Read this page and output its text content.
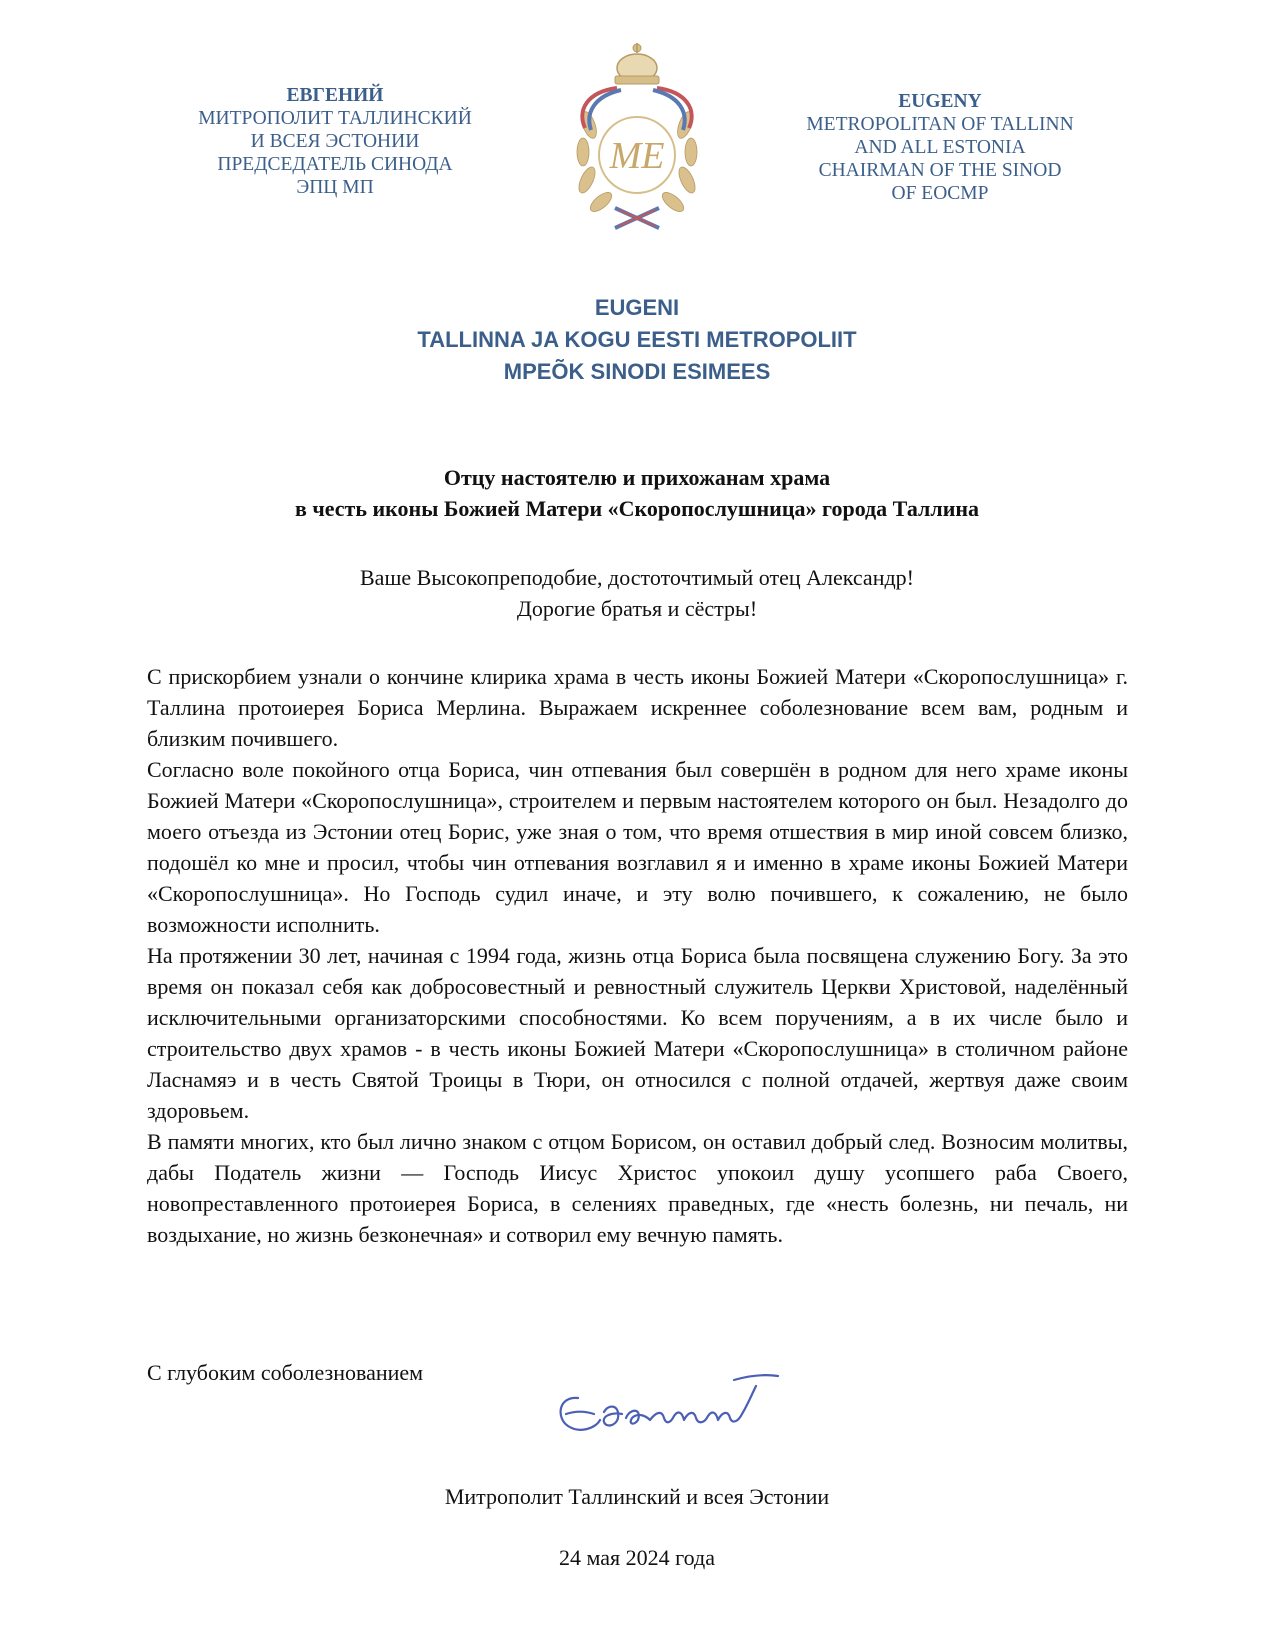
ЕВГЕНИЙ
МИТРОПОЛИТ ТАЛЛИНСКИЙ
И ВСЕЯ ЭСТОНИИ
ПРЕДСЕДАТЕЛЬ СИНОДА
ЭПЦ МП
ME
EUGENY
METROPOLITAN OF TALLINN
AND ALL ESTONIA
CHAIRMAN OF THE SINOD
OF EOCMP
EUGENI
TALLINNA JA KOGU EESTI METROPOLIIT
MPEÕK SINODI ESIMEES
Отцу настоятелю и прихожанам храма
в честь иконы Божией Матери «Скоропослушница» города Таллина
Ваше Высокопреподобие, достоточтимый отец Александр!
Дорогие братья и сёстры!

С прискорбием узнали о кончине клирика храма в честь иконы Божией Матери «Скоропослушница» г. Таллина протоиерея Бориса Мерлина. Выражаем искреннее соболезнование всем вам, родным и близким почившего.

Согласно воле покойного отца Бориса, чин отпевания был совершён в родном для него храме иконы Божией Матери «Скоропослушница», строителем и первым настоятелем которого он был. Незадолго до моего отъезда из Эстонии отец Борис, уже зная о том, что время отшествия в мир иной совсем близко, подошёл ко мне и просил, чтобы чин отпевания возглавил я и именно в храме иконы Божией Матери «Скоропослушница». Но Господь судил иначе, и эту волю почившего, к сожалению, не было возможности исполнить.

На протяжении 30 лет, начиная с 1994 года, жизнь отца Бориса была посвящена служению Богу. За это время он показал себя как добросовестный и ревностный служитель Церкви Христовой, наделённый исключительными организаторскими способностями. Ко всем поручениям, а в их числе было и строительство двух храмов - в честь иконы Божией Матери «Скоропослушница» в столичном районе Ласнамяэ и в честь Святой Троицы в Тюри, он относился с полной отдачей, жертвуя даже своим здоровьем.

В памяти многих, кто был лично знаком с отцом Борисом, он оставил добрый след. Возносим молитвы, дабы Податель жизни — Господь Иисус Христос упокоил душу усопшего раба Своего, новопреставленного протоиерея Бориса, в селениях праведных, где «несть болезнь, ни печаль, ни воздыхание, но жизнь безконечная» и сотворил ему вечную память.

С глубоким соболезнованием
Митрополит Таллинский и всея Эстонии
24 мая 2024 года
